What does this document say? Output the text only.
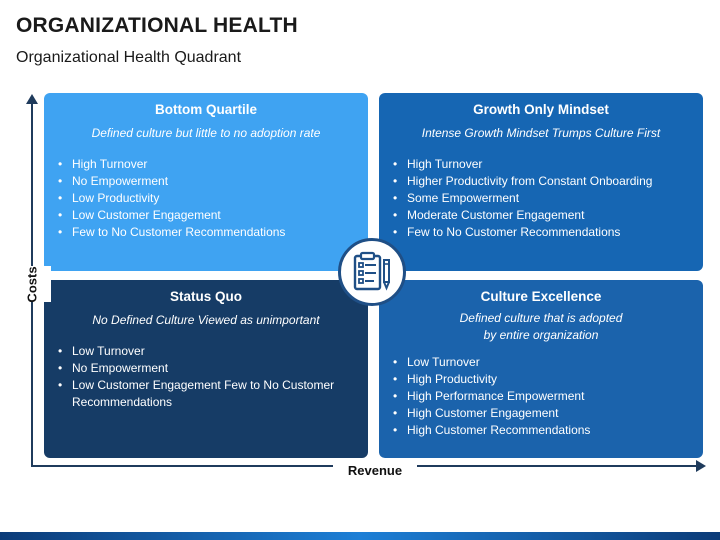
ORGANIZATIONAL HEALTH
Organizational Health Quadrant
Bottom Quartile
Defined culture but little to no adoption rate
• High Turnover
• No Empowerment
• Low Productivity
• Low Customer Engagement
• Few to No Customer Recommendations
Growth Only Mindset
Intense Growth Mindset Trumps Culture First
• High Turnover
• Higher Productivity from Constant Onboarding
• Some Empowerment
• Moderate Customer Engagement
• Few to No Customer Recommendations
Status Quo
No Defined Culture Viewed as unimportant
• Low Turnover
• No Empowerment
• Low Customer Engagement Few to No Customer Recommendations
Culture Excellence
Defined culture that is adopted
by entire organization
• Low Turnover
• High Productivity
• High Performance Empowerment
• High Customer Engagement
• High Customer Recommendations
Costs
Revenue
